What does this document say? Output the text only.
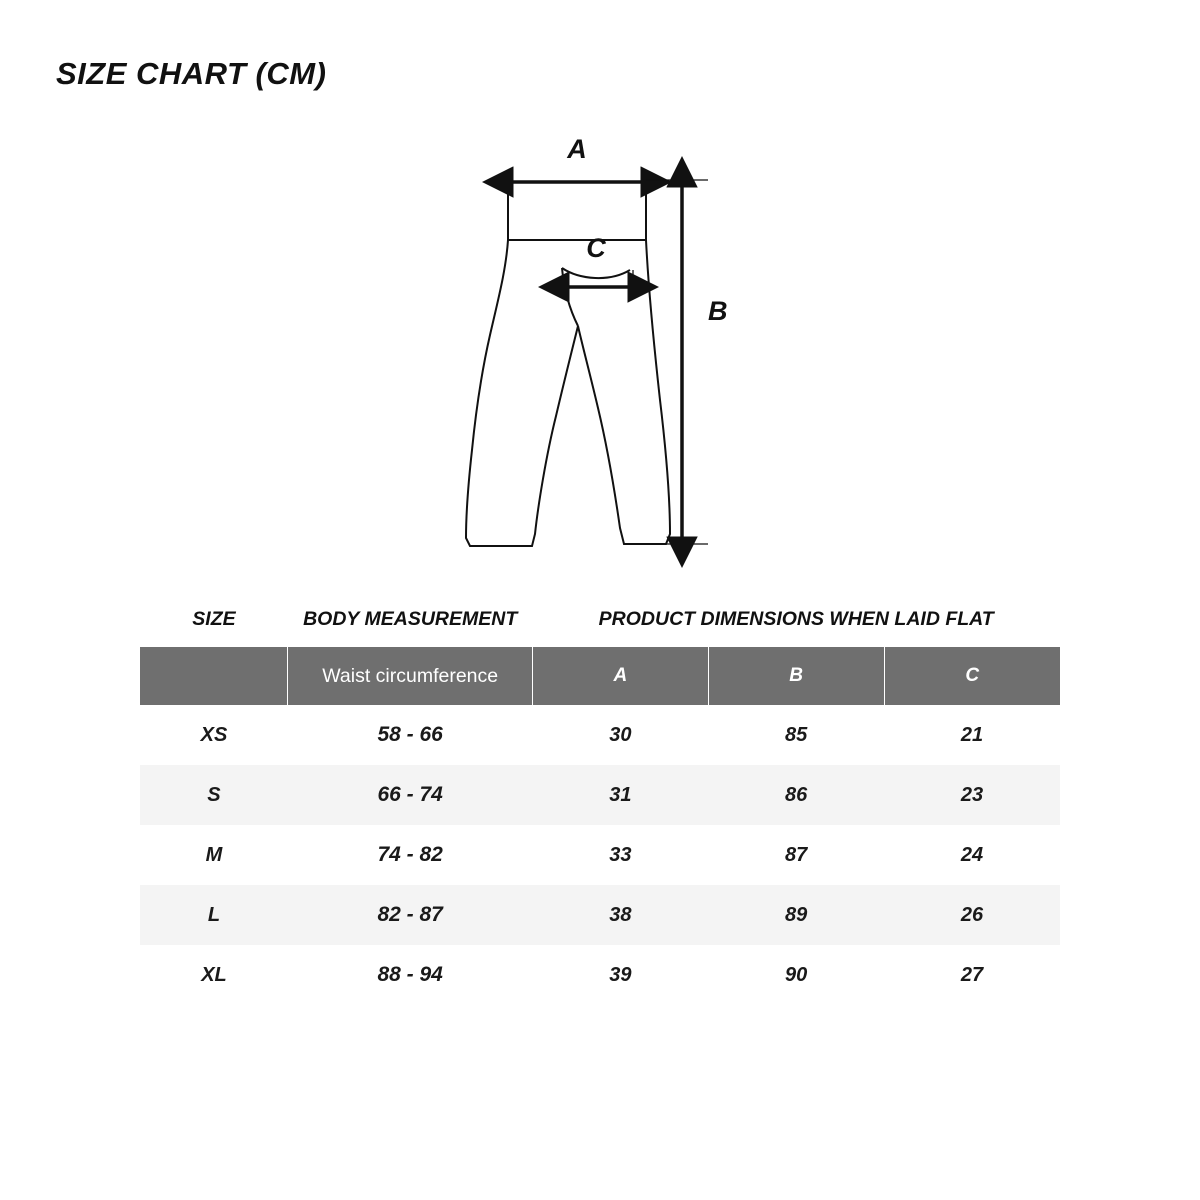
SIZE CHART (CM)
A
B
C
SIZE	BODY MEASUREMENT	PRODUCT DIMENSIONS WHEN LAID FLAT		
	Waist circumference	A	B	C
XS	58 - 66	30	85	21
S	66 - 74	31	86	23
M	74 - 82	33	87	24
L	82 - 87	38	89	26
XL	88 - 94	39	90	27
